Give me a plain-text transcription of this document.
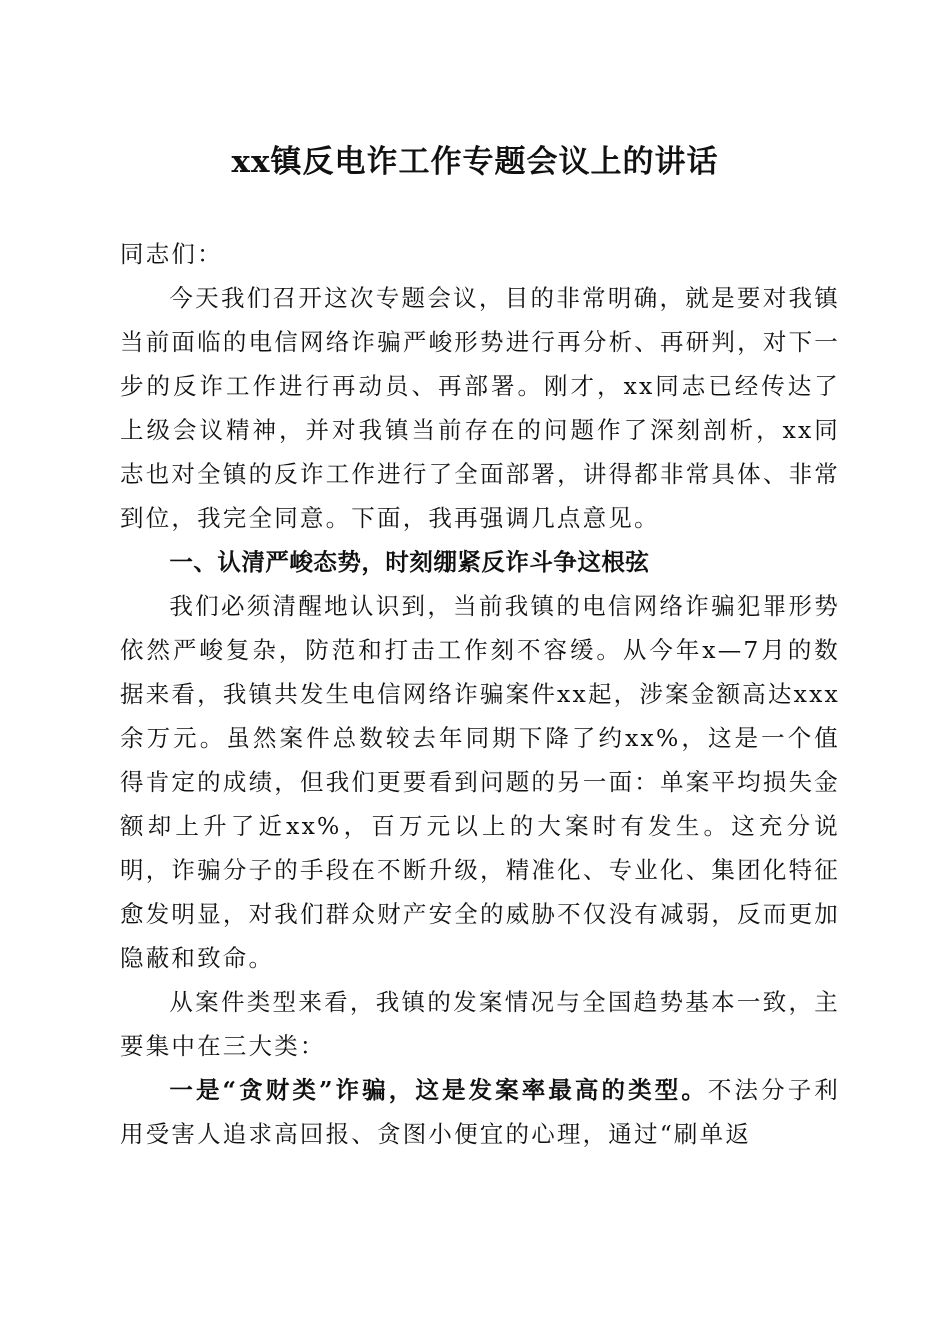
xx镇反电诈工作专题会议上的讲话

同志们：

今天我们召开这次专题会议，目的非常明确，就是要对我镇当前面临的电信网络诈骗严峻形势进行再分析、再研判，对下一步的反诈工作进行再动员、再部署。刚才，xx同志已经传达了上级会议精神，并对我镇当前存在的问题作了深刻剖析，xx同志也对全镇的反诈工作进行了全面部署，讲得都非常具体、非常到位，我完全同意。下面，我再强调几点意见。

一、认清严峻态势，时刻绷紧反诈斗争这根弦

我们必须清醒地认识到，当前我镇的电信网络诈骗犯罪形势依然严峻复杂，防范和打击工作刻不容缓。从今年x—7月的数据来看，我镇共发生电信网络诈骗案件xx起，涉案金额高达xxx余万元。虽然案件总数较去年同期下降了约xx%，这是一个值得肯定的成绩，但我们更要看到问题的另一面：单案平均损失金额却上升了近xx%，百万元以上的大案时有发生。这充分说明，诈骗分子的手段在不断升级，精准化、专业化、集团化特征愈发明显，对我们群众财产安全的威胁不仅没有减弱，反而更加隐蔽和致命。

从案件类型来看，我镇的发案情况与全国趋势基本一致，主要集中在三大类：

一是“贪财类”诈骗，这是发案率最高的类型。不法分子利用受害人追求高回报、贪图小便宜的心理，通过“刷单返
